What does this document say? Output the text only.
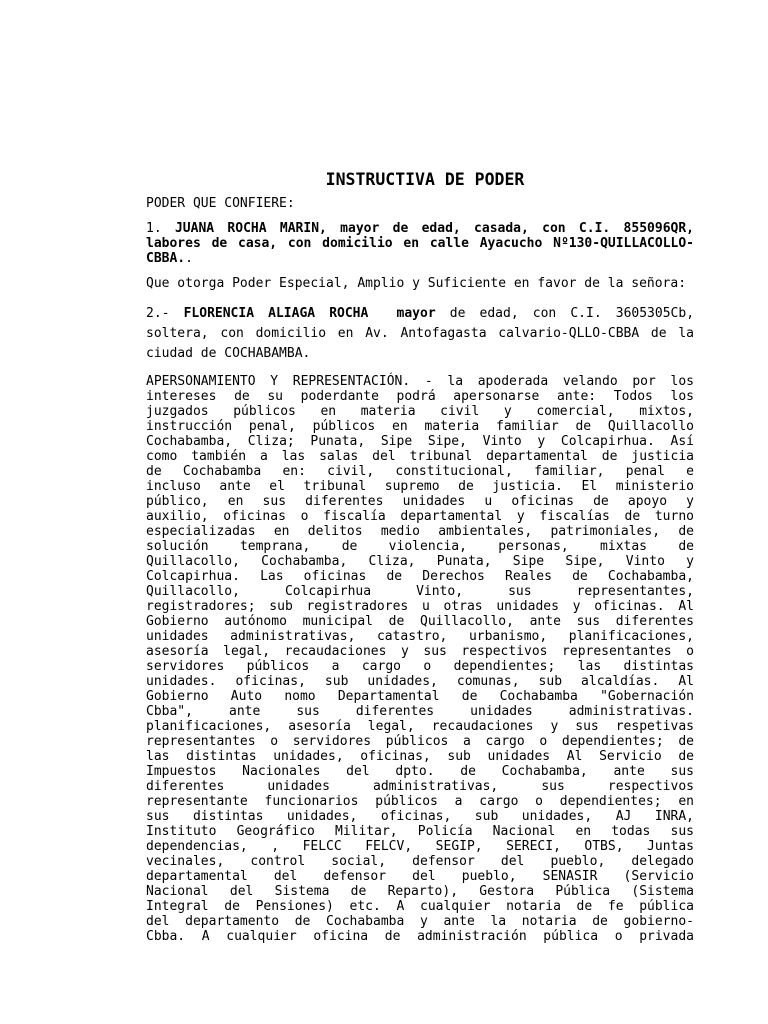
INSTRUCTIVA DE PODER

PODER QUE CONFIERE:

1. JUANA ROCHA MARIN, mayor de edad, casada, con C.I. 855096QR, labores de casa, con domicilio en calle Ayacucho Nº130-QUILLACOLLO-CBBA..

Que otorga Poder Especial, Amplio y Suficiente en favor de la señora:

2.- FLORENCIA ALIAGA ROCHA mayor de edad, con C.I. 3605305Cb, soltera, con domicilio en Av. Antofagasta calvario-QLLO-CBBA de la ciudad de COCHABAMBA.

APERSONAMIENTO Y REPRESENTACIÓN. - la apoderada velando por los
intereses de su poderdante podrá apersonarse ante: Todos los
juzgados públicos en materia civil y comercial, mixtos,
instrucción penal, públicos en materia familiar de Quillacollo
Cochabamba, Cliza; Punata, Sipe Sipe, Vinto y Colcapirhua. Así
como también a las salas del tribunal departamental de justicia
de Cochabamba en: civil, constitucional, familiar, penal e
incluso ante el tribunal supremo de justicia. El ministerio
público, en sus diferentes unidades u oficinas de apoyo y
auxilio, oficinas o fiscalía departamental y fiscalías de turno
especializadas en delitos medio ambientales, patrimoniales, de
solución temprana, de violencia, personas, mixtas de
Quillacollo, Cochabamba, Cliza, Punata, Sipe Sipe, Vinto y
Colcapirhua. Las oficinas de Derechos Reales de Cochabamba,
Quillacollo, Colcapirhua Vinto, sus representantes,
registradores; sub registradores u otras unidades y oficinas. Al
Gobierno autónomo municipal de Quillacollo, ante sus diferentes
unidades administrativas, catastro, urbanismo, planificaciones,
asesoría legal, recaudaciones y sus respectivos representantes o
servidores públicos a cargo o dependientes; las distintas
unidades. oficinas, sub unidades, comunas, sub alcaldías. Al
Gobierno Auto nomo Departamental de Cochabamba "Gobernación
Cbba", ante sus diferentes unidades administrativas.
planificaciones, asesoría legal, recaudaciones y sus respetivas
representantes o servidores públicos a cargo o dependientes; de
las distintas unidades, oficinas, sub unidades Al Servicio de
Impuestos Nacionales del dpto. de Cochabamba, ante sus
diferentes unidades administrativas, sus respectivos
representante funcionarios públicos a cargo o dependientes; en
sus distintas unidades, oficinas, sub unidades, AJ INRA,
Instituto Geográfico Militar, Policía Nacional en todas sus
dependencias, , FELCC FELCV, SEGIP, SERECI, OTBS, Juntas
vecinales, control social, defensor del pueblo, delegado
departamental del defensor del pueblo, SENASIR (Servicio
Nacional del Sistema de Reparto), Gestora Pública (Sistema
Integral de Pensiones) etc. A cualquier notaria de fe pública
del departamento de Cochabamba y ante la notaria de gobierno-
Cbba. A cualquier oficina de administración pública o privada
